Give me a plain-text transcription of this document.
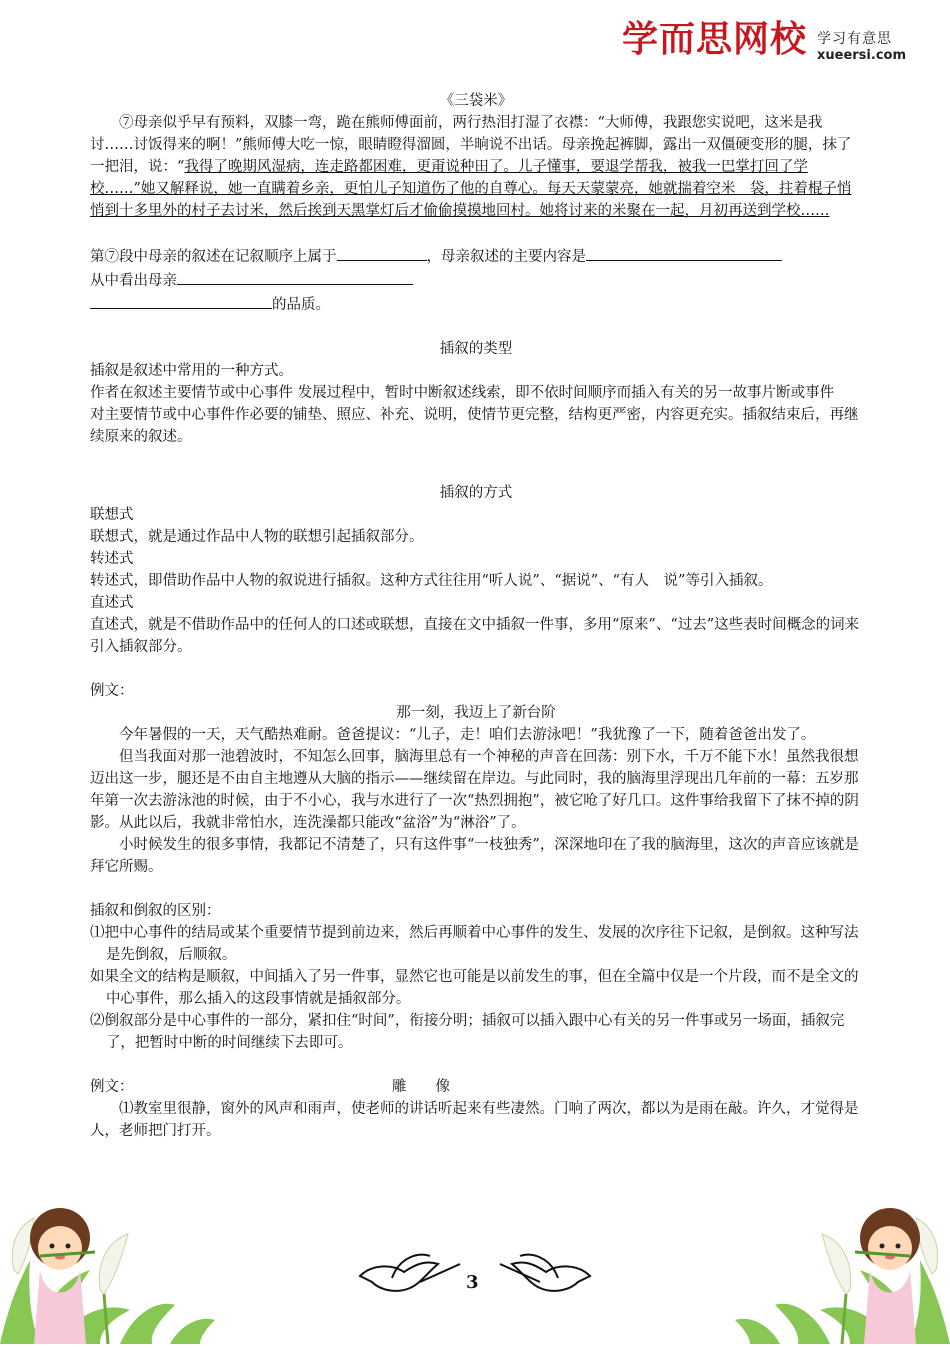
学而思网校 学习有意思
xueersi.com

《三袋米》

⑦母亲似乎早有预料，双膝一弯，跪在熊师傅面前，两行热泪打湿了衣襟：“大师傅，我跟您实说吧，这米是我讨……讨饭得来的啊！”熊师傅大吃一惊，眼睛瞪得溜圆，半晌说不出话。母亲挽起裤脚，露出一双僵硬变形的腿，抹了一把泪，说：“我得了晚期风湿病，连走路都困难，更甭说种田了。儿子懂事，要退学帮我，被我一巴掌打回了学校……”她又解释说，她一直瞒着乡亲，更怕儿子知道伤了他的自尊心。每天天蒙蒙亮，她就揣着空米　袋，拄着棍子悄悄到十多里外的村子去讨米，然后挨到天黑掌灯后才偷偷摸摸地回村。她将讨来的米聚在一起，月初再送到学校……

第⑦段中母亲的叙述在记叙顺序上属于	，母亲叙述的主要内容是

从中看出母亲

的品质。

插叙的类型

插叙是叙述中常用的一种方式。

作者在叙述主要情节或中心事件 发展过程中，暂时中断叙述线索，即不依时间顺序而插入有关的另一故事片断或事件

对主要情节或中心事件作必要的铺垫、照应、补充、说明，使情节更完整，结构更严密，内容更充实。插叙结束后，再继续原来的叙述。

插叙的方式

联想式

联想式，就是通过作品中人物的联想引起插叙部分。

转述式

转述式，即借助作品中人物的叙说进行插叙。这种方式往往用“听人说”、“据说”、“有人　说”等引入插叙。

直述式

直述式，就是不借助作品中的任何人的口述或联想，直接在文中插叙一件事，多用“原来”、“过去”这些表时间概念的词来引入插叙部分。

例文：

那一刻，我迈上了新台阶

今年暑假的一天，天气酷热难耐。爸爸提议：“儿子，走！咱们去游泳吧！”我犹豫了一下，随着爸爸出发了。

但当我面对那一池碧波时，不知怎么回事，脑海里总有一个神秘的声音在回荡：别下水，千万不能下水！虽然我很想迈出这一步，腿还是不由自主地遵从大脑的指示——继续留在岸边。与此同时，我的脑海里浮现出几年前的一幕：五岁那年第一次去游泳池的时候，由于不小心，我与水进行了一次“热烈拥抱”，被它呛了好几口。这件事给我留下了抹不掉的阴影。从此以后，我就非常怕水，连洗澡都只能改“盆浴”为“淋浴”了。

小时候发生的很多事情，我都记不清楚了，只有这件事“一枝独秀”，深深地印在了我的脑海里，这次的声音应该就是拜它所赐。

插叙和倒叙的区别：

⑴把中心事件的结局或某个重要情节提到前边来，然后再顺着中心事件的发生、发展的次序往下记叙，是倒叙。这种写法是先倒叙，后顺叙。

如果全文的结构是顺叙，中间插入了另一件事，显然它也可能是以前发生的事，但在全篇中仅是一个片段，而不是全文的中心事件，那么插入的这段事情就是插叙部分。

⑵倒叙部分是中心事件的一部分，紧扣住“时间”，衔接分明；插叙可以插入跟中心有关的另一件事或另一场面，插叙完了，把暂时中断的时间继续下去即可。

例文：	雕　　像

⑴教室里很静，窗外的风声和雨声，使老师的讲话听起来有些凄然。门响了两次，都以为是雨在敲。许久，才觉得是人，老师把门打开。

3
